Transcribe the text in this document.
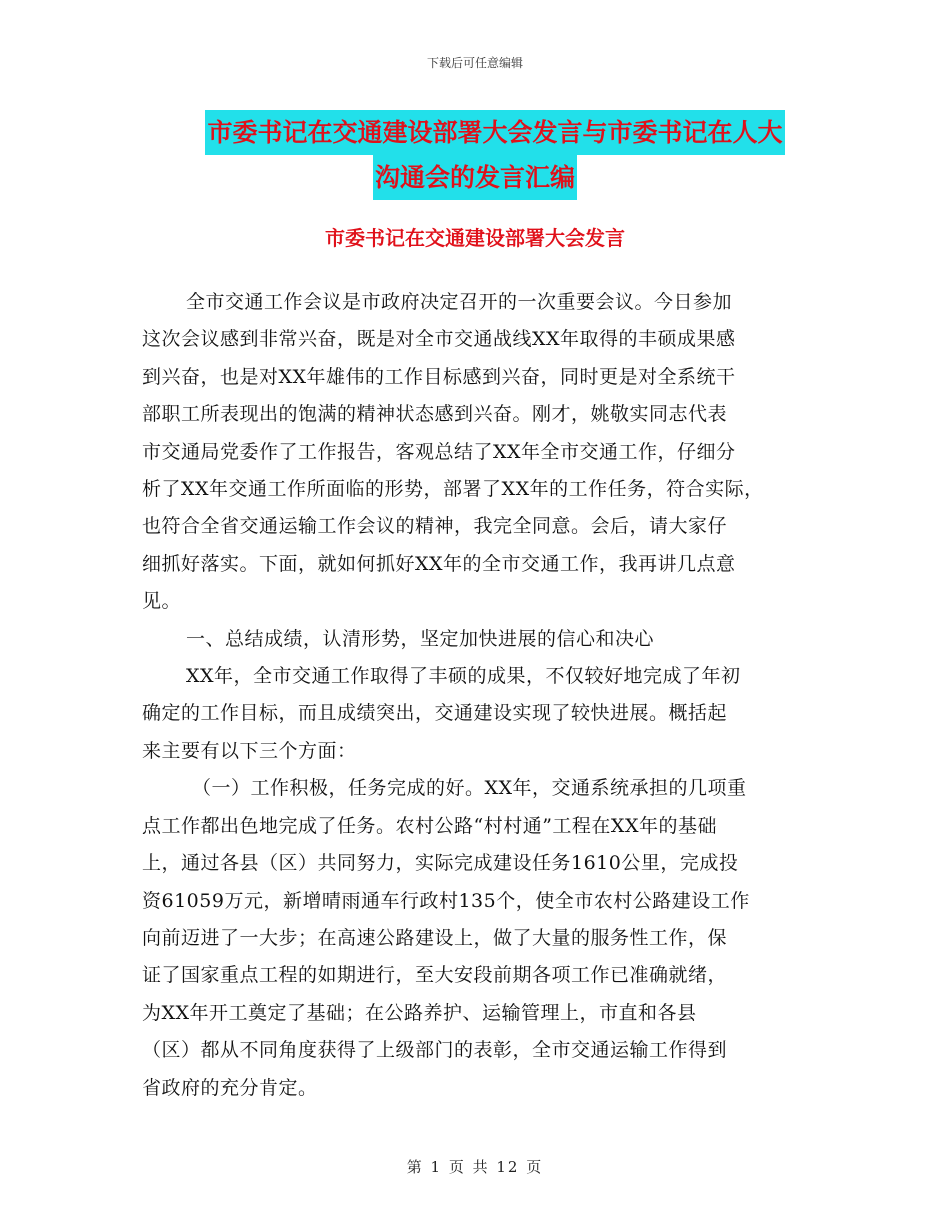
下载后可任意编辑
市委书记在交通建设部署大会发言与市委书记在人大
沟通会的发言汇编
市委书记在交通建设部署大会发言
全市交通工作会议是市政府决定召开的一次重要会议。今日参加
这次会议感到非常兴奋，既是对全市交通战线XX年取得的丰硕成果感
到兴奋，也是对XX年雄伟的工作目标感到兴奋，同时更是对全系统干
部职工所表现出的饱满的精神状态感到兴奋。刚才，姚敬实同志代表
市交通局党委作了工作报告，客观总结了XX年全市交通工作，仔细分
析了XX年交通工作所面临的形势，部署了XX年的工作任务，符合实际，
也符合全省交通运输工作会议的精神，我完全同意。会后，请大家仔
细抓好落实。下面，就如何抓好XX年的全市交通工作，我再讲几点意
见。
一、总结成绩，认清形势，坚定加快进展的信心和决心
XX年，全市交通工作取得了丰硕的成果，不仅较好地完成了年初
确定的工作目标，而且成绩突出，交通建设实现了较快进展。概括起
来主要有以下三个方面：
（一）工作积极，任务完成的好。XX年，交通系统承担的几项重
点工作都出色地完成了任务。农村公路“村村通”工程在XX年的基础
上，通过各县（区）共同努力，实际完成建设任务1610公里，完成投
资61059万元，新增晴雨通车行政村135个，使全市农村公路建设工作
向前迈进了一大步；在高速公路建设上，做了大量的服务性工作，保
证了国家重点工程的如期进行，至大安段前期各项工作已准确就绪，
为XX年开工奠定了基础；在公路养护、运输管理上，市直和各县
（区）都从不同角度获得了上级部门的表彰，全市交通运输工作得到
省政府的充分肯定。
第 1 页 共 12 页
